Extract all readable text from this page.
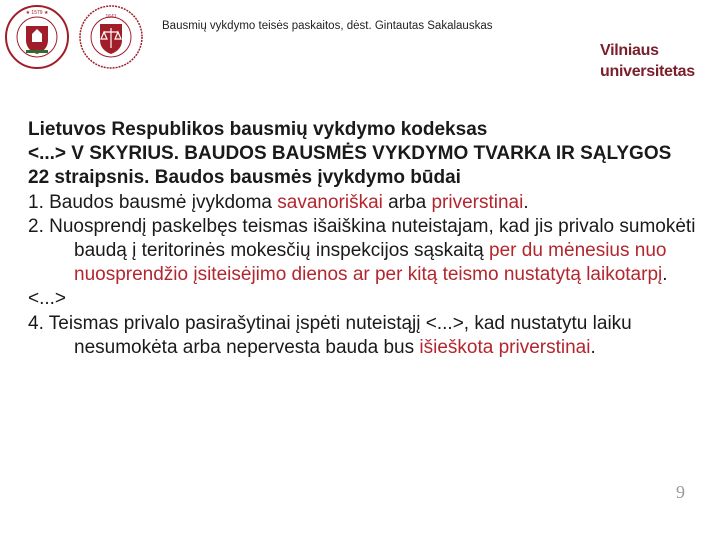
★ 1579 ★
1641
Bausmių vykdymo teisės paskaitos, dėst. Gintautas Sakalauskas
Vilniaus
universitetas

Lietuvos Respublikos bausmių vykdymo kodeksas

<...> V SKYRIUS. BAUDOS BAUSMĖS VYKDYMO TVARKA IR SĄLYGOS

22 straipsnis. Baudos bausmės įvykdymo būdai

1. Baudos bausmė įvykdoma savanoriškai arba priverstinai.

2. Nuosprendį paskelbęs teismas išaiškina nuteistajam, kad jis privalo sumokėti baudą į teritorinės mokesčių inspekcijos sąskaitą per du mėnesius nuo nuosprendžio įsiteisėjimo dienos ar per kitą teismo nustatytą laikotarpį.

<...>

4. Teismas privalo pasirašytinai įspėti nuteistąjį <...>, kad nustatytu laiku nesumokėta arba nepervesta bauda bus išieškota priverstinai.

9
